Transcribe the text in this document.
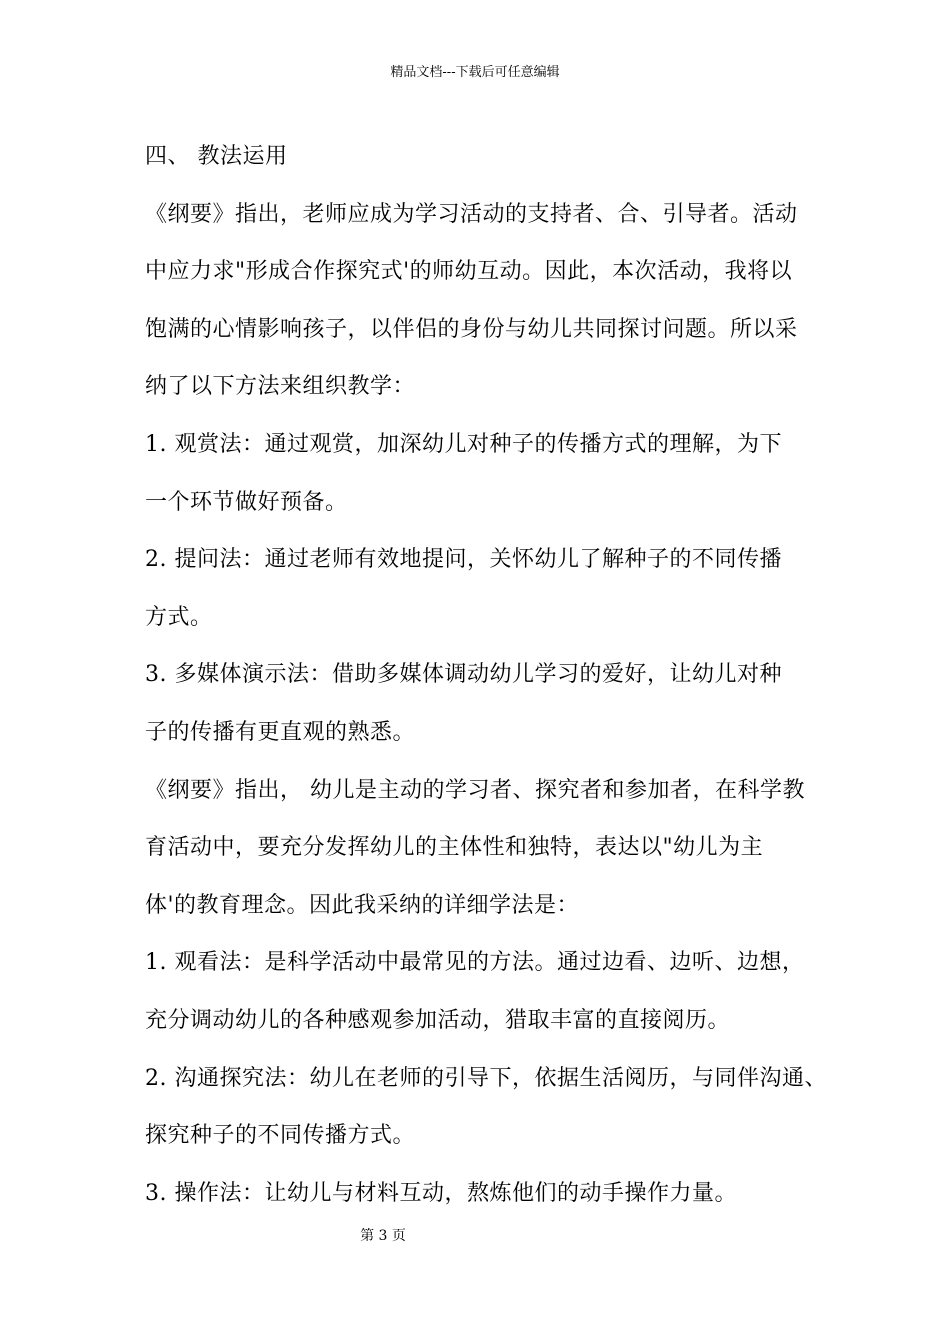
精品文档---下载后可任意编辑
四、 教法运用
《纲要》指出，老师应成为学习活动的支持者、合、引导者。活动
中应力求"形成合作探究式'的师幼互动。因此，本次活动，我将以
饱满的心情影响孩子，以伴侣的身份与幼儿共同探讨问题。所以采
纳了以下方法来组织教学：
1. 观赏法：通过观赏，加深幼儿对种子的传播方式的理解，为下
一个环节做好预备。
2. 提问法：通过老师有效地提问，关怀幼儿了解种子的不同传播
方式。
3. 多媒体演示法：借助多媒体调动幼儿学习的爱好，让幼儿对种
子的传播有更直观的熟悉。
《纲要》指出， 幼儿是主动的学习者、探究者和参加者，在科学教
育活动中，要充分发挥幼儿的主体性和独特，表达以"幼儿为主
体'的教育理念。因此我采纳的详细学法是：
1. 观看法：是科学活动中最常见的方法。通过边看、边听、边想，
充分调动幼儿的各种感观参加活动，猎取丰富的直接阅历。
2. 沟通探究法：幼儿在老师的引导下，依据生活阅历，与同伴沟通、
探究种子的不同传播方式。
3. 操作法：让幼儿与材料互动，熬炼他们的动手操作力量。
第 3 页
